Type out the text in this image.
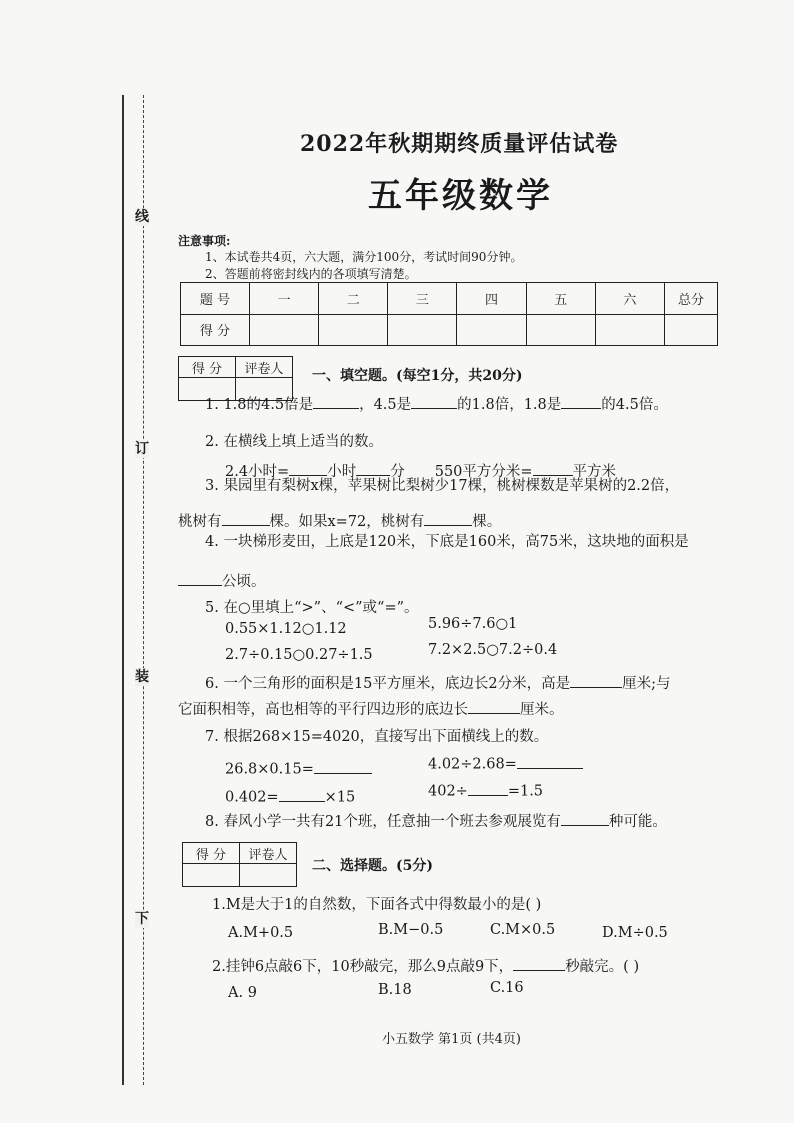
线
订
装
下
2022年秋期期终质量评估试卷
五年级数学
注意事项:
1、本试卷共4页，六大题，满分100分，考试时间90分钟。
2、答题前将密封线内的各项填写清楚。
题 号	一	二	三	四	五	六	总分
得 分							
得 分	评卷人
	一、填空题。(每空1分，共20分)
1. 1.8的4.5倍是	，4.5是	的1.8倍，1.8是	的4.5倍。
2. 在横线上填上适当的数。
2.4小时=	小时 分 550平方分米=	平方米
3. 果园里有梨树x棵，苹果树比梨树少17棵，桃树棵数是苹果树的2.2倍，
桃树有	棵。如果x=72，桃树有	棵。
4. 一块梯形麦田，上底是120米，下底是160米，高75米，这块地的面积是
公顷。
5. 在○里填上“>”、“<”或“=”。
0.55×1.12○1.12	5.96÷7.6○1
2.7÷0.15○0.27÷1.5	7.2×2.5○7.2÷0.4
6. 一个三角形的面积是15平方厘米，底边长2分米，高是	厘米;与
它面积相等，高也相等的平行四边形的底边长	厘米。
7. 根据268×15=4020，直接写出下面横线上的数。
26.8×0.15=	4.02÷2.68=
0.402=	×15	402÷	=1.5
8. 春风小学一共有21个班，任意抽一个班去参观展览有	种可能。
得 分	评卷人

二、选择题。(5分)
1.M是大于1的自然数，下面各式中得数最小的是( )
A.M+0.5	B.M−0.5	C.M×0.5	D.M÷0.5
2.挂钟6点敲6下，10秒敲完，那么9点敲9下，	秒敲完。( )
A. 9	B.18	C.16
小五数学 第1页 (共4页)
